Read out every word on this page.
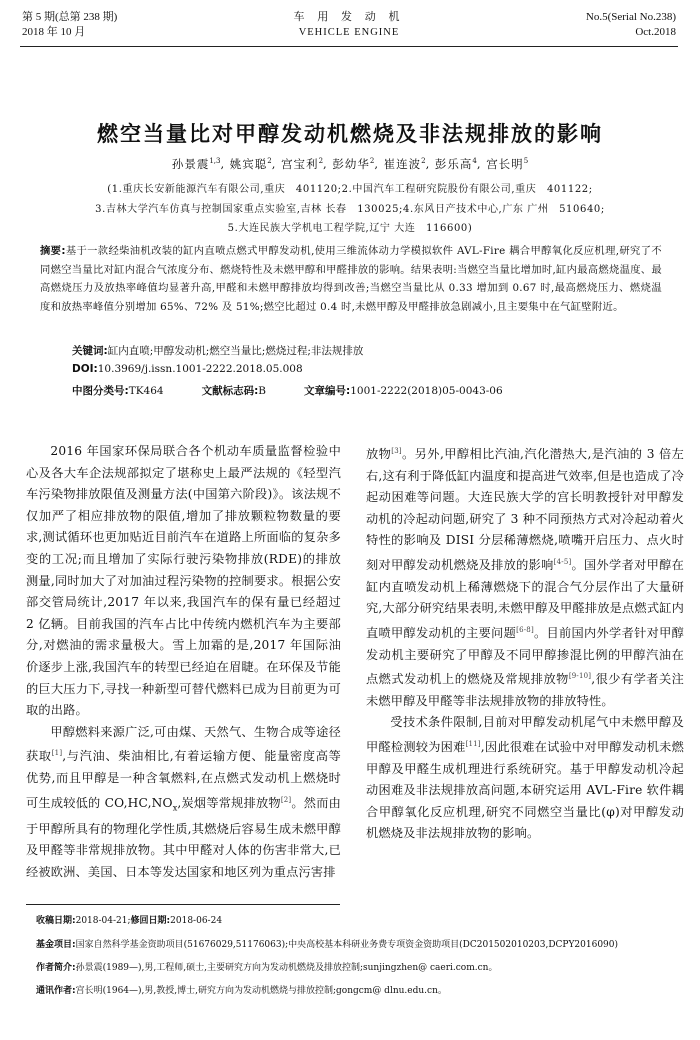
第 5 期(总第 238 期)
2018 年 10 月
车 用 发 动 机
VEHICLE ENGINE
No.5(Serial No.238)
Oct.2018
燃空当量比对甲醇发动机燃烧及非法规排放的影响
孙景震$^{1,3}$, 姚宾聪$^2$, 宫宝利$^2$, 彭幼华$^2$, 崔连波$^2$, 彭乐高$^4$, 宫长明$^5$
(1.重庆长安新能源汽车有限公司,重庆　401120;2.中国汽车工程研究院股份有限公司,重庆　401122;
3.吉林大学汽车仿真与控制国家重点实验室,吉林 长春　130025;4.东风日产技术中心,广东 广州　510640;
5.大连民族大学机电工程学院,辽宁 大连　116600)
摘要:基于一款经柴油机改装的缸内直喷点燃式甲醇发动机,使用三维流体动力学模拟软件 AVL-Fire 耦合甲醇氧化反应机理,研究了不同燃空当量比对缸内混合气浓度分布、燃烧特性及未燃甲醇和甲醛排放的影响。结果表明:当燃空当量比增加时,缸内最高燃烧温度、最高燃烧压力及放热率峰值均显著升高,甲醛和未燃甲醇排放均得到改善;当燃空当量比从 0.33 增加到 0.67 时,最高燃烧压力、燃烧温度和放热率峰值分别增加 65%、72% 及 51%;燃空比超过 0.4 时,未燃甲醇及甲醛排放急剧减小,且主要集中在气缸壁附近。
关键词:缸内直喷;甲醇发动机;燃空当量比;燃烧过程;非法规排放
DOI:10.3969/j.issn.1001-2222.2018.05.008
中图分类号:TK464	文献标志码:B	文章编号:1001-2222(2018)05-0043-06

2016 年国家环保局联合各个机动车质量监督检验中心及各大车企法规部拟定了堪称史上最严法规的《轻型汽车污染物排放限值及测量方法(中国第六阶段)》。该法规不仅加严了相应排放物的限值,增加了排放颗粒物数量的要求,测试循环也更加贴近目前汽车在道路上所面临的复杂多变的工况;而且增加了实际行驶污染物排放(RDE)的排放测量,同时加大了对加油过程污染物的控制要求。根据公安部交管局统计,2017 年以来,我国汽车的保有量已经超过 2 亿辆。目前我国的汽车占比中传统内燃机汽车为主要部分,对燃油的需求量极大。雪上加霜的是,2017 年国际油价逐步上涨,我国汽车的转型已经迫在眉睫。在环保及节能的巨大压力下,寻找一种新型可替代燃料已成为目前更为可取的出路。

甲醇燃料来源广泛,可由煤、天然气、生物合成等途径获取[1],与汽油、柴油相比,有着运输方便、能量密度高等优势,而且甲醇是一种含氧燃料,在点燃式发动机上燃烧时可生成较低的 $CO,HC,NO_x$,炭烟等常规排放物[2]。然而由于甲醇所具有的物理化学性质,其燃烧后容易生成未燃甲醇及甲醛等非常规排放物。其中甲醛对人体的伤害非常大,已经被欧洲、美国、日本等发达国家和地区列为重点污害排

放物[3]。另外,甲醇相比汽油,汽化潜热大,是汽油的 3 倍左右,这有利于降低缸内温度和提高进气效率,但是也造成了冷起动困难等问题。大连民族大学的宫长明教授针对甲醇发动机的冷起动问题,研究了 3 种不同预热方式对冷起动着火特性的影响及 DISI 分层稀薄燃烧,喷嘴开启压力、点火时刻对甲醇发动机燃烧及排放的影响[4-5]。国外学者对甲醇在缸内直喷发动机上稀薄燃烧下的混合气分层作出了大量研究,大部分研究结果表明,未燃甲醇及甲醛排放是点燃式缸内直喷甲醇发动机的主要问题[6-8]。目前国内外学者针对甲醇发动机主要研究了甲醇及不同甲醇掺混比例的甲醇汽油在点燃式发动机上的燃烧及常规排放物[9-10],很少有学者关注未燃甲醇及甲醛等非法规排放物的排放特性。

受技术条件限制,目前对甲醇发动机尾气中未燃甲醇及甲醛检测较为困难[11],因此很难在试验中对甲醇发动机未燃甲醇及甲醛生成机理进行系统研究。基于甲醇发动机冷起动困难及非法规排放高问题,本研究运用 AVL-Fire 软件耦合甲醇氧化反应机理,研究不同燃空当量比(φ)对甲醇发动机燃烧及非法规排放物的影响。

收稿日期:2018-04-21;修回日期:2018-06-24
基金项目:国家自然科学基金资助项目(51676029,51176063);中央高校基本科研业务费专项资金资助项目(DC201502010203,DCPY2016090)
作者简介:孙景震(1989—),男,工程师,硕士,主要研究方向为发动机燃烧及排放控制;sunjingzhen@ caeri.com.cn。
通讯作者:宫长明(1964—),男,教授,博士,研究方向为发动机燃烧与排放控制;gongcm@ dlnu.edu.cn。
